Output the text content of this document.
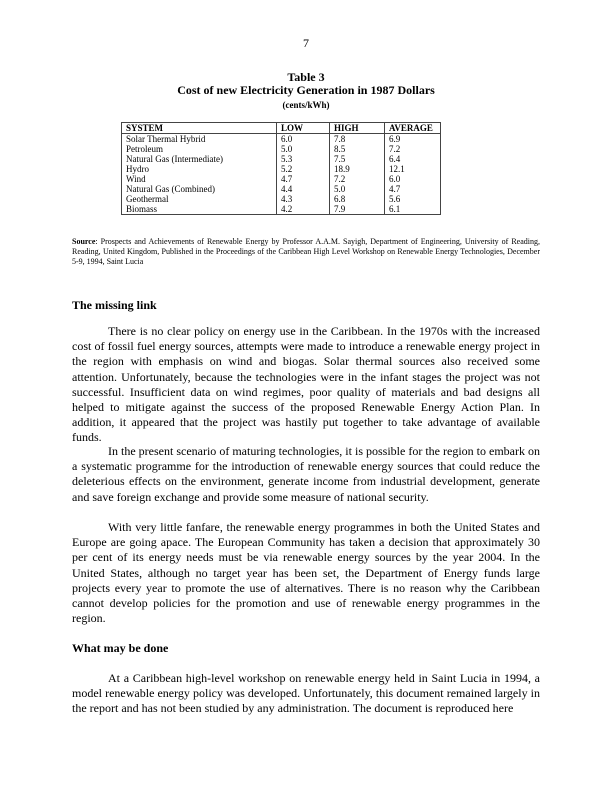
7
Table 3
Cost of new Electricity Generation in 1987 Dollars
(cents/kWh)
SYSTEM	LOW	HIGH	AVERAGE
Solar Thermal Hybrid	6.0	7.8	6.9
Petroleum	5.0	8.5	7.2
Natural Gas (Intermediate)	5.3	7.5	6.4
Hydro	5.2	18.9	12.1
Wind	4.7	7.2	6.0
Natural Gas (Combined)	4.4	5.0	4.7
Geothermal	4.3	6.8	5.6
Biomass	4.2	7.9	6.1
Source: Prospects and Achievements of Renewable Energy by Professor A.A.M. Sayigh, Department of Engineering, University of Reading, Reading, United Kingdom, Published in the Proceedings of the Caribbean High Level Workshop on Renewable Energy Technologies, December 5-9, 1994, Saint Lucia
The missing link

There is no clear policy on energy use in the Caribbean. In the 1970s with the increased cost of fossil fuel energy sources, attempts were made to introduce a renewable energy project in the region with emphasis on wind and biogas. Solar thermal sources also received some attention. Unfortunately, because the technologies were in the infant stages the project was not successful. Insufficient data on wind regimes, poor quality of materials and bad designs all helped to mitigate against the success of the proposed Renewable Energy Action Plan. In addition, it appeared that the project was hastily put together to take advantage of available funds.

In the present scenario of maturing technologies, it is possible for the region to embark on a systematic programme for the introduction of renewable energy sources that could reduce the deleterious effects on the environment, generate income from industrial development, generate and save foreign exchange and provide some measure of national security.

With very little fanfare, the renewable energy programmes in both the United States and Europe are going apace. The European Community has taken a decision that approximately 30 per cent of its energy needs must be via renewable energy sources by the year 2004. In the United States, although no target year has been set, the Department of Energy funds large projects every year to promote the use of alternatives. There is no reason why the Caribbean cannot develop policies for the promotion and use of renewable energy programmes in the region.

What may be done

At a Caribbean high-level workshop on renewable energy held in Saint Lucia in 1994, a model renewable energy policy was developed. Unfortunately, this document remained largely in the report and has not been studied by any administration. The document is reproduced here
